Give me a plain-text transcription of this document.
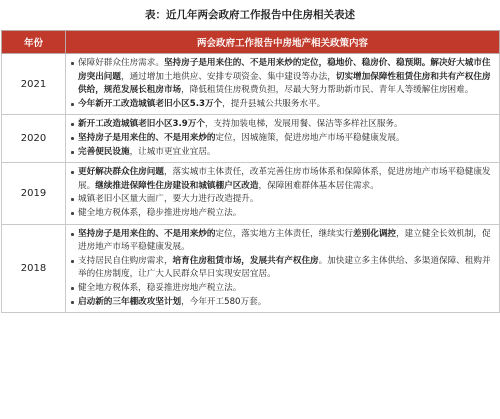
表：近几年两会政府工作报告中住房相关表述
年份	两会政府工作报告中房地产相关政策内容
2021	保障好群众住房需求。坚持房子是用来住的、不是用来炒的定位，稳地价、稳房价、稳预期。解决好大城市住房突出问题，通过增加土地供应、安排专项资金、集中建设等办法，切实增加保障性租赁住房和共有产权住房供给，规范发展长租房市场，降低租赁住房税费负担，尽最大努力帮助新市民、青年人等缓解住房困难。

今年新开工改造城镇老旧小区5.3万个，提升县城公共服务水平。

2020	新开工改造城镇老旧小区3.9万个，支持加装电梯，发展用餐、保洁等多样社区服务。

坚持房子是用来住的、不是用来炒的定位，因城施策，促进房地产市场平稳健康发展。

完善便民设施，让城市更宜业宜居。

2019	更好解决群众住房问题，落实城市主体责任，改革完善住房市场体系和保障体系，促进房地产市场平稳健康发展。继续推进保障性住房建设和城镇棚户区改造，保障困难群体基本居住需求。

城镇老旧小区量大面广，要大力进行改造提升。

健全地方税体系，稳步推进房地产税立法。

2018	坚持房子是用来住的、不是用来炒的定位，落实地方主体责任，继续实行差别化调控，建立健全长效机制，促进房地产市场平稳健康发展。

支持居民自住购房需求，培育住房租赁市场，发展共有产权住房。加快建立多主体供给、多渠道保障、租购并举的住房制度，让广大人民群众早日实现安居宜居。

健全地方税体系，稳妥推进房地产税立法。

启动新的三年棚改攻坚计划，今年开工580万套。
